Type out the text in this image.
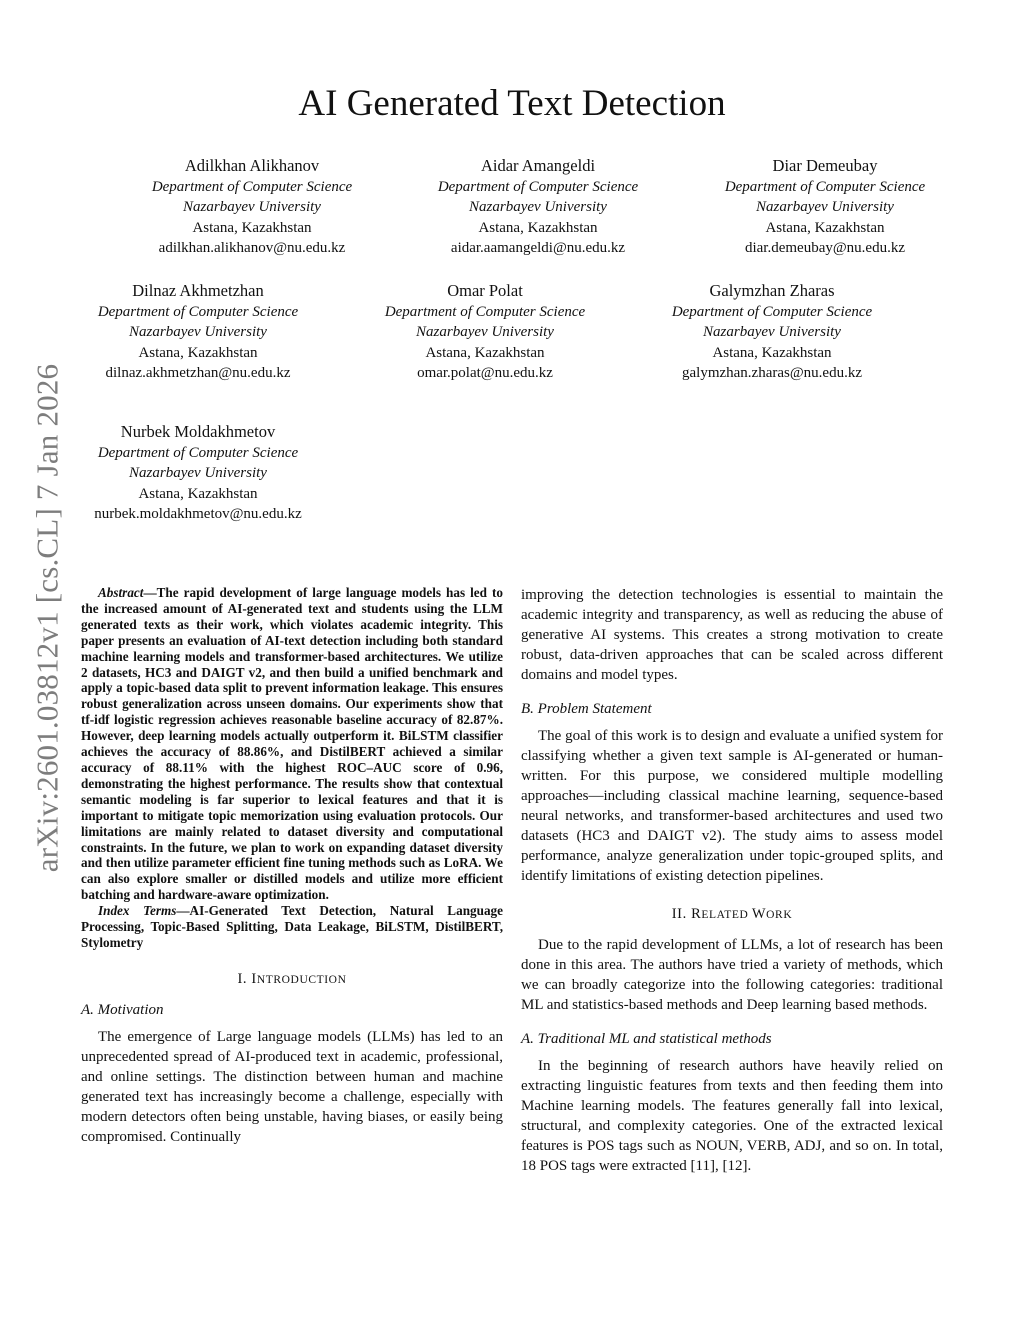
arXiv:2601.03812v1 [cs.CL] 7 Jan 2026
AI Generated Text Detection
Adilkhan Alikhanov
Department of Computer Science
Nazarbayev University
Astana, Kazakhstan
adilkhan.alikhanov@nu.edu.kz
Aidar Amangeldi
Department of Computer Science
Nazarbayev University
Astana, Kazakhstan
aidar.aamangeldi@nu.edu.kz
Diar Demeubay
Department of Computer Science
Nazarbayev University
Astana, Kazakhstan
diar.demeubay@nu.edu.kz
Dilnaz Akhmetzhan
Department of Computer Science
Nazarbayev University
Astana, Kazakhstan
dilnaz.akhmetzhan@nu.edu.kz
Omar Polat
Department of Computer Science
Nazarbayev University
Astana, Kazakhstan
omar.polat@nu.edu.kz
Galymzhan Zharas
Department of Computer Science
Nazarbayev University
Astana, Kazakhstan
galymzhan.zharas@nu.edu.kz
Nurbek Moldakhmetov
Department of Computer Science
Nazarbayev University
Astana, Kazakhstan
nurbek.moldakhmetov@nu.edu.kz

Abstract—The rapid development of large language models has led to the increased amount of AI-generated text and students using the LLM generated texts as their work, which violates academic integrity. This paper presents an evaluation of AI-text detection including both standard machine learning models and transformer-based architectures. We utilize 2 datasets, HC3 and DAIGT v2, and then build a unified benchmark and apply a topic-based data split to prevent information leakage. This ensures robust generalization across unseen domains. Our experiments show that tf-idf logistic regression achieves reasonable baseline accuracy of 82.87%. However, deep learning models actually outperform it. BiLSTM classifier achieves the accuracy of 88.86%, and DistilBERT achieved a similar accuracy of 88.11% with the highest ROC–AUC score of 0.96, demonstrating the highest performance. The results show that contextual semantic modeling is far superior to lexical features and that it is important to mitigate topic memorization using evaluation protocols. Our limitations are mainly related to dataset diversity and computational constraints. In the future, we plan to work on expanding dataset diversity and then utilize parameter efficient fine tuning methods such as LoRA. We can also explore smaller or distilled models and utilize more efficient batching and hardware-aware optimization.

Index Terms—AI-Generated Text Detection, Natural Language Processing, Topic-Based Splitting, Data Leakage, BiLSTM, DistilBERT, Stylometry

I. INTRODUCTION
A. Motivation

The emergence of Large language models (LLMs) has led to an unprecedented spread of AI-produced text in academic, professional, and online settings. The distinction between human and machine generated text has increasingly become a challenge, especially with modern detectors often being unstable, having biases, or easily being compromised. Continually

improving the detection technologies is essential to maintain the academic integrity and transparency, as well as reducing the abuse of generative AI systems. This creates a strong motivation to create robust, data-driven approaches that can be scaled across different domains and model types.

B. Problem Statement

The goal of this work is to design and evaluate a unified system for classifying whether a given text sample is AI-generated or human-written. For this purpose, we considered multiple modelling approaches—including classical machine learning, sequence-based neural networks, and transformer-based architectures and used two datasets (HC3 and DAIGT v2). The study aims to assess model performance, analyze generalization under topic-grouped splits, and identify limitations of existing detection pipelines.

II. RELATED WORK

Due to the rapid development of LLMs, a lot of research has been done in this area. The authors have tried a variety of methods, which we can broadly categorize into the following categories: traditional ML and statistics-based methods and Deep learning based methods.

A. Traditional ML and statistical methods

In the beginning of research authors have heavily relied on extracting linguistic features from texts and then feeding them into Machine learning models. The features generally fall into lexical, structural, and complexity categories. One of the extracted lexical features is POS tags such as NOUN, VERB, ADJ, and so on. In total, 18 POS tags were extracted [11], [12].
